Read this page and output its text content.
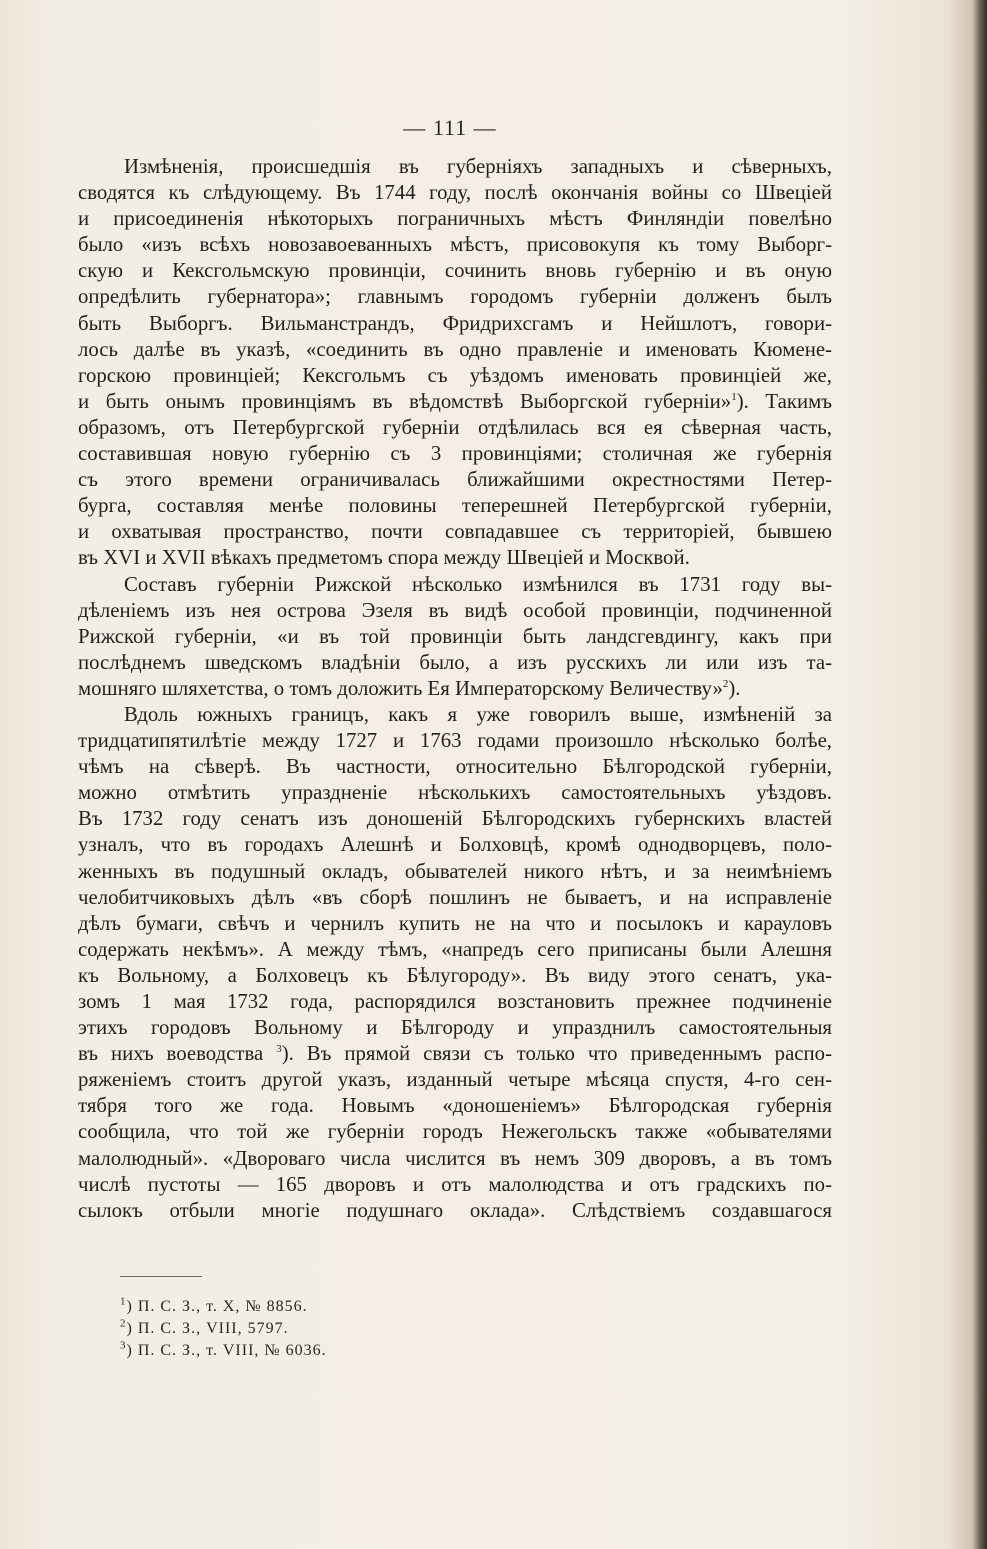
— 111 —
Измѣненія, происшедшія въ губерніяхъ западныхъ и сѣверныхъ,
сводятся къ слѣдующему. Въ 1744 году, послѣ окончанія войны со Швеціей
и присоединенія нѣкоторыхъ пограничныхъ мѣстъ Финляндіи повелѣно
было «изъ всѣхъ новозавоеванныхъ мѣстъ, присовокупя къ тому Выборг-
скую и Кексгольмскую провинціи, сочинить вновь губернію и въ оную
опредѣлить губернатора»; главнымъ городомъ губерніи долженъ былъ
быть Выборгъ. Вильманстрандъ, Фридрихсгамъ и Нейшлотъ, говори-
лось далѣе въ указѣ, «соединить въ одно правленіе и именовать Кюмене-
горскою провинціей; Кексгольмъ съ уѣздомъ именовать провинціей же,
и быть онымъ провинціямъ въ вѣдомствѣ Выборгской губерніи»$^1$). Такимъ
образомъ, отъ Петербургской губерніи отдѣлилась вся ея сѣверная часть,
составившая новую губернію съ 3 провинціями; столичная же губернія
съ этого времени ограничивалась ближайшими окрестностями Петер-
бурга, составляя менѣе половины теперешней Петербургской губерніи,
и охватывая пространство, почти совпадавшее съ территоріей, бывшею
въ XVI и XVII вѣкахъ предметомъ спора между Швеціей и Москвой.
Составъ губерніи Рижской нѣсколько измѣнился въ 1731 году вы-
дѣленіемъ изъ нея острова Эзеля въ видѣ особой провинціи, подчиненной
Рижской губерніи, «и въ той провинціи быть ландсгевдингу, какъ при
послѣднемъ шведскомъ владѣніи было, а изъ русскихъ ли или изъ та-
мошняго шляхетства, о томъ доложить Ея Императорскому Величеству»$^2$).
Вдоль южныхъ границъ, какъ я уже говорилъ выше, измѣненій за
тридцатипятилѣтіе между 1727 и 1763 годами произошло нѣсколько болѣе,
чѣмъ на сѣверѣ. Въ частности, относительно Бѣлгородской губерніи,
можно отмѣтить упраздненіе нѣсколькихъ самостоятельныхъ уѣздовъ.
Въ 1732 году сенатъ изъ доношеній Бѣлгородскихъ губернскихъ властей
узналъ, что въ городахъ Алешнѣ и Болховцѣ, кромѣ однодворцевъ, поло-
женныхъ въ подушный окладъ, обывателей никого нѣтъ, и за неимѣніемъ
челобитчиковыхъ дѣлъ «въ сборѣ пошлинъ не бываетъ, и на исправленіе
дѣлъ бумаги, свѣчъ и чернилъ купить не на что и посылокъ и карауловъ
содержать некѣмъ». А между тѣмъ, «напредъ сего приписаны были Алешня
къ Вольному, а Болховецъ къ Бѣлугороду». Въ виду этого сенатъ, ука-
зомъ 1 мая 1732 года, распорядился возстановить прежнее подчиненіе
этихъ городовъ Вольному и Бѣлгороду и упразднилъ самостоятельныя
въ нихъ воеводства $^3$). Въ прямой связи съ только что приведеннымъ распо-
ряженіемъ стоитъ другой указъ, изданный четыре мѣсяца спустя, 4-го сен-
тября того же года. Новымъ «доношеніемъ» Бѣлгородская губернія
сообщила, что той же губерніи городъ Нежегольскъ также «обывателями
малолюдный». «Двороваго числа числится въ немъ 309 дворовъ, а въ томъ
числѣ пустоты — 165 дворовъ и отъ малолюдства и отъ градскихъ по-
сылокъ отбыли многіе подушнаго оклада». Слѣдствіемъ создавшагося
$^1$) П. С. З., т. X, № 8856.
$^2$) П. С. З., VIII, 5797.
$^3$) П. С. З., т. VIII, № 6036.
